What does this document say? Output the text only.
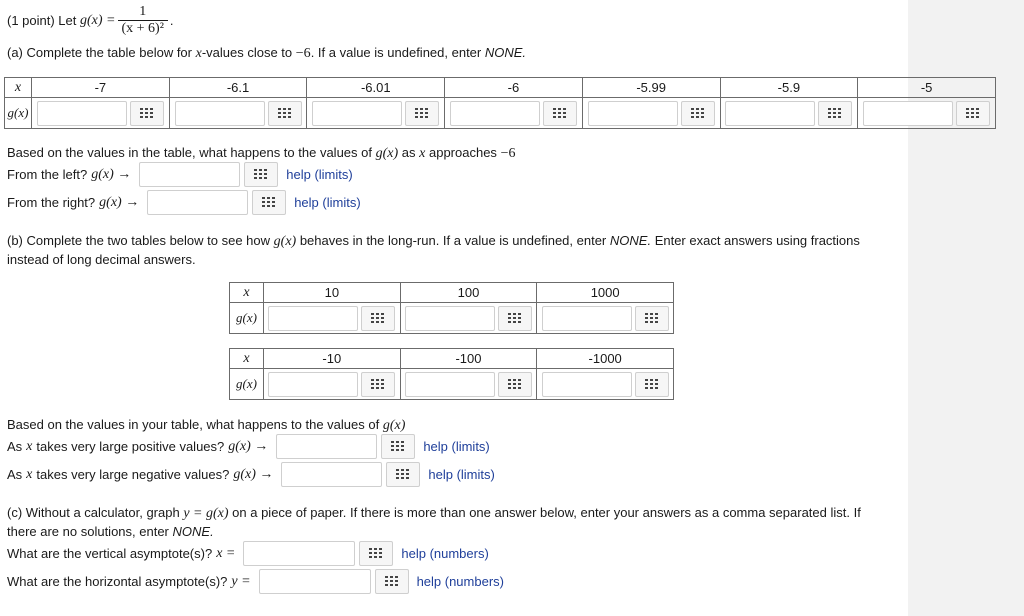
(1 point) Let
$g(x) = \frac{1}{\text{(x + 6)²}}$ .
(a) Complete the table below for x-values close to −6. If a value is undefined, enter NONE.
x	-7	-6.1	-6.01	-6	-5.99	-5.9	-5
g(x)	

Based on the values in the table, what happens to the values of g(x) as x approaches −6
From the left? g(x) →	help (limits)
From the right? g(x) →	help (limits)
(b) Complete the two tables below to see how g(x) behaves in the long-run. If a value is undefined, enter NONE. Enter exact answers using fractions
instead of long decimal answers.
x	10	100	1000
g(x)	

x	-10	-100	-1000
g(x)	

Based on the values in your table, what happens to the values of g(x)
As x takes very large positive values? g(x) →	help (limits)
As x takes very large negative values? g(x) →	help (limits)
(c) Without a calculator, graph y = g(x) on a piece of paper. If there is more than one answer below, enter your answers as a comma separated list. If
there are no solutions, enter NONE.
What are the vertical asymptote(s)? x =	help (numbers)
What are the horizontal asymptote(s)? y =	help (numbers)
